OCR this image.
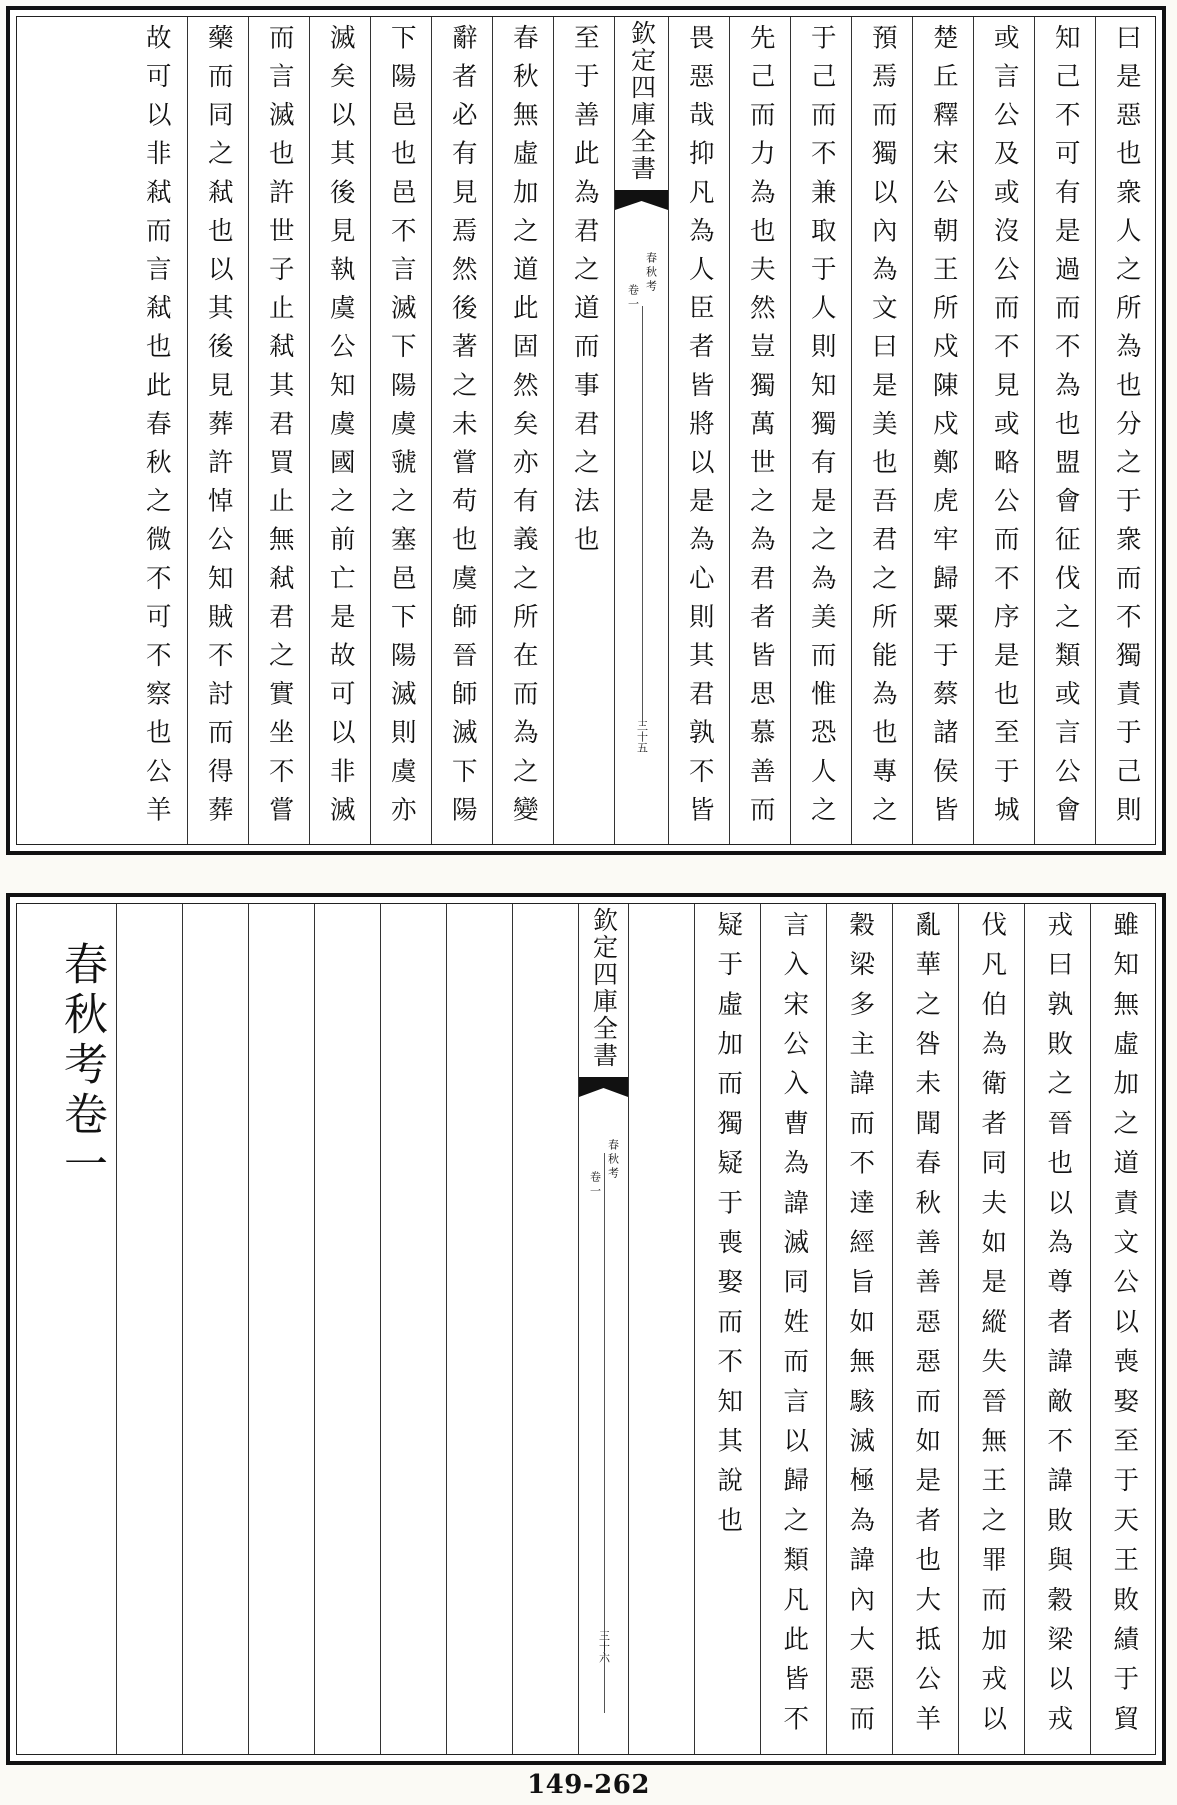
曰是惡也衆人之所為也分之于衆而不獨責于己則
知己不可有是過而不為也盟會征伐之類或言公會
或言公及或沒公而不見或略公而不序是也至于城
楚丘釋宋公朝王所戍陳戍鄭虎牢歸粟于蔡諸侯皆
預焉而獨以內為文曰是美也吾君之所能為也專之
于己而不兼取于人則知獨有是之為美而惟恐人之
先己而力為也夫然豈獨萬世之為君者皆思慕善而
畏惡哉抑凡為人臣者皆將以是為心則其君孰不皆
欽定四庫全書
春秋考
卷一
三十五
至于善此為君之道而事君之法也
春秋無虛加之道此固然矣亦有義之所在而為之變
辭者必有見焉然後著之未嘗苟也虞師晉師滅下陽
下陽邑也邑不言滅下陽虞虢之塞邑下陽滅則虞亦
滅矣以其後見執虞公知虞國之前亡是故可以非滅
而言滅也許世子止弒其君買止無弒君之實坐不嘗
藥而同之弒也以其後見葬許悼公知賊不討而得葬
故可以非弒而言弒也此春秋之微不可不察也公羊
雖知無虛加之道責文公以喪娶至于天王敗績于貿
戎曰孰敗之晉也以為尊者諱敵不諱敗與穀梁以戎
伐凡伯為衛者同夫如是縱失晉無王之罪而加戎以
亂華之咎未聞春秋善善惡惡而如是者也大抵公羊
穀梁多主諱而不達經旨如無駭滅極為諱內大惡而
言入宋公入曹為諱滅同姓而言以歸之類凡此皆不
疑于虛加而獨疑于喪娶而不知其說也
欽定四庫全書
春秋考
卷一
三十六
春秋考卷一
149-262
